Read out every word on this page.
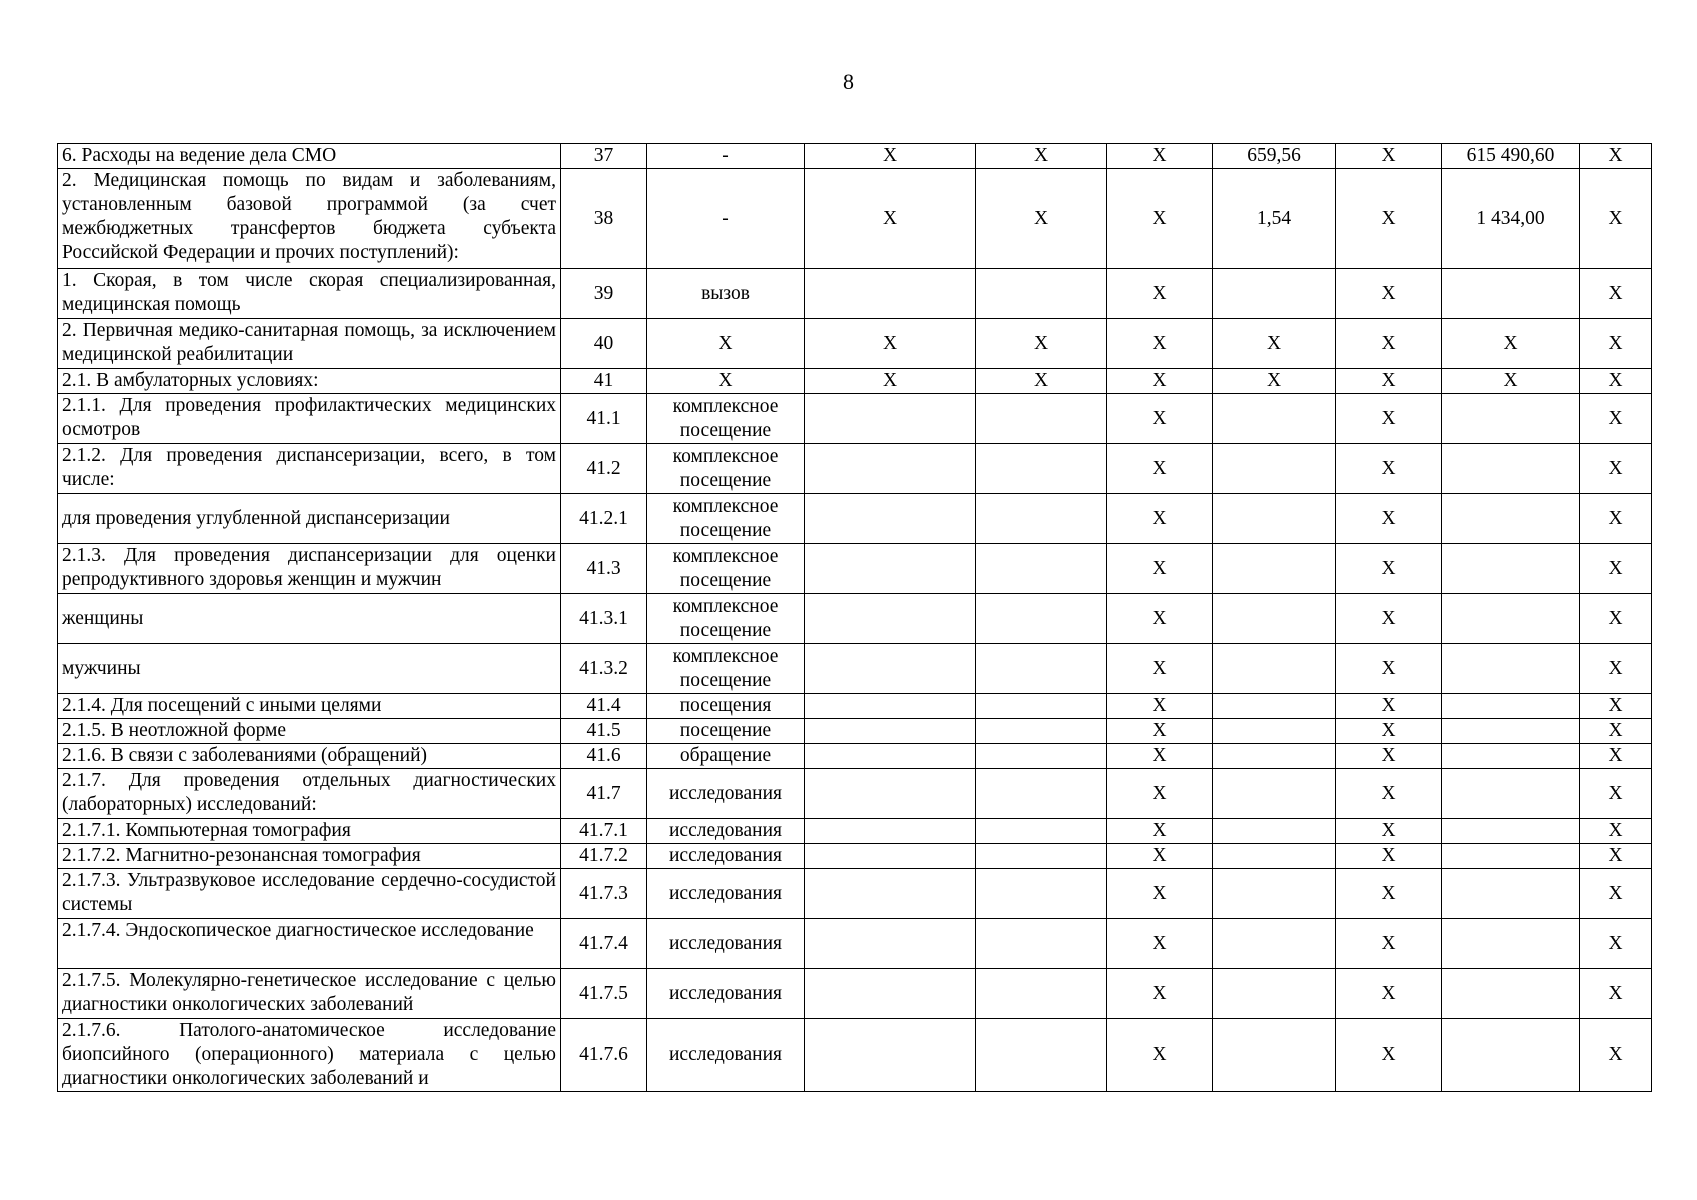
8
6. Расходы на ведение дела СМО	37	-	X	X	X	659,56	X	615 490,60	X
2. Медицинская помощь по видам и заболеваниям, установленным базовой программой (за счет межбюджетных трансфертов бюджета субъекта Российской Федерации и прочих поступлений):	38	-	X	X	X	1,54	X	1 434,00	X
1. Скорая, в том числе скорая специализированная, медицинская помощь	39	вызов			X		X		X
2. Первичная медико-санитарная помощь, за исключением медицинской реабилитации	40	X	X	X	X	X	X	X	X
2.1. В амбулаторных условиях:	41	X	X	X	X	X	X	X	X
2.1.1. Для проведения профилактических медицинских осмотров	41.1	комплексное посещение			X		X		X
2.1.2. Для проведения диспансеризации, всего, в том числе:	41.2	комплексное посещение			X		X		X
для проведения углубленной диспансеризации	41.2.1	комплексное посещение			X		X		X
2.1.3. Для проведения диспансеризации для оценки репродуктивного здоровья женщин и мужчин	41.3	комплексное посещение			X		X		X
женщины	41.3.1	комплексное посещение			X		X		X
мужчины	41.3.2	комплексное посещение			X		X		X
2.1.4. Для посещений с иными целями	41.4	посещения			X		X		X
2.1.5. В неотложной форме	41.5	посещение			X		X		X
2.1.6. В связи с заболеваниями (обращений)	41.6	обращение			X		X		X
2.1.7. Для проведения отдельных диагностических (лабораторных) исследований:	41.7	исследования			X		X		X
2.1.7.1. Компьютерная томография	41.7.1	исследования			X		X		X
2.1.7.2. Магнитно-резонансная томография	41.7.2	исследования			X		X		X
2.1.7.3. Ультразвуковое исследование сердечно-сосудистой системы	41.7.3	исследования			X		X		X
2.1.7.4. Эндоскопическое диагностическое исследование	41.7.4	исследования			X		X		X
2.1.7.5. Молекулярно-генетическое исследование с целью диагностики онкологических заболеваний	41.7.5	исследования			X		X		X
2.1.7.6. Патолого-анатомическое исследование биопсийного (операционного) материала с целью диагностики онкологических заболеваний и	41.7.6	исследования			X		X		X
